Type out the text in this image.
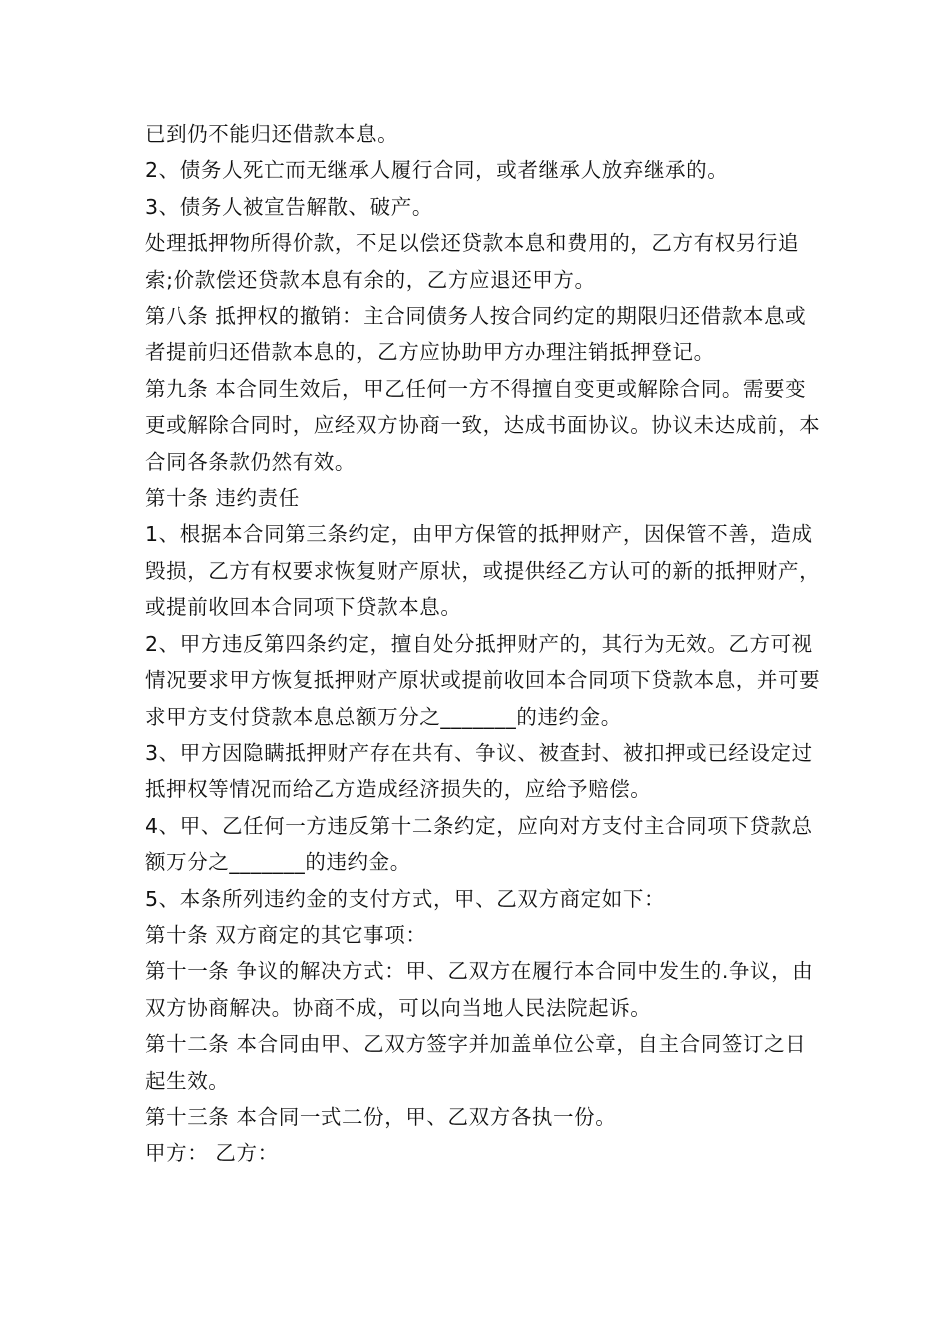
已到仍不能归还借款本息。

2、债务人死亡而无继承人履行合同，或者继承人放弃继承的。

3、债务人被宣告解散、破产。

处理抵押物所得价款，不足以偿还贷款本息和费用的，乙方有权另行追索;价款偿还贷款本息有余的，乙方应退还甲方。

第八条 抵押权的撤销：主合同债务人按合同约定的期限归还借款本息或者提前归还借款本息的，乙方应协助甲方办理注销抵押登记。

第九条 本合同生效后，甲乙任何一方不得擅自变更或解除合同。需要变更或解除合同时，应经双方协商一致，达成书面协议。协议未达成前，本合同各条款仍然有效。

第十条 违约责任

1、根据本合同第三条约定，由甲方保管的抵押财产，因保管不善，造成毁损，乙方有权要求恢复财产原状，或提供经乙方认可的新的抵押财产，或提前收回本合同项下贷款本息。

2、甲方违反第四条约定，擅自处分抵押财产的，其行为无效。乙方可视情况要求甲方恢复抵押财产原状或提前收回本合同项下贷款本息，并可要求甲方支付贷款本息总额万分之_______的违约金。

3、甲方因隐瞒抵押财产存在共有、争议、被查封、被扣押或已经设定过抵押权等情况而给乙方造成经济损失的，应给予赔偿。

4、甲、乙任何一方违反第十二条约定，应向对方支付主合同项下贷款总额万分之_______的违约金。

5、本条所列违约金的支付方式，甲、乙双方商定如下：

第十条 双方商定的其它事项：

第十一条 争议的解决方式：甲、乙双方在履行本合同中发生的.争议，由双方协商解决。协商不成，可以向当地人民法院起诉。

第十二条 本合同由甲、乙双方签字并加盖单位公章，自主合同签订之日起生效。

第十三条 本合同一式二份，甲、乙双方各执一份。

甲方： 乙方：
